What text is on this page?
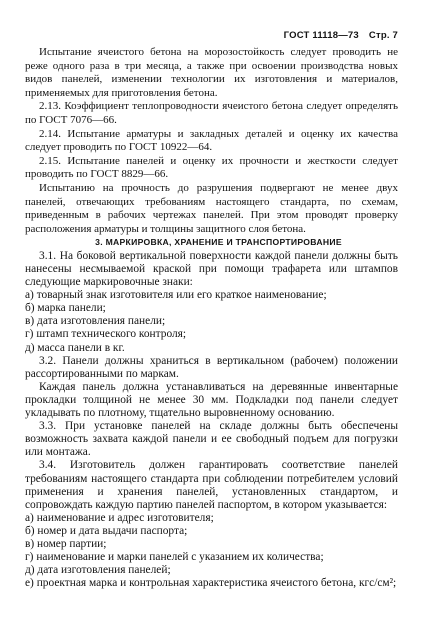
ГОСТ 11118—73 Стр. 7

Испытание ячеистого бетона на морозостойкость следует проводить не реже одного раза в три месяца, а также при освоении производства новых видов панелей, изменении технологии их изготовления и материалов, применяемых для приготовления бетона.

2.13. Коэффициент теплопроводности ячеистого бетона следует определять по ГОСТ 7076—66.

2.14. Испытание арматуры и закладных деталей и оценку их качества следует проводить по ГОСТ 10922—64.

2.15. Испытание панелей и оценку их прочности и жесткости следует проводить по ГОСТ 8829—66.

Испытанию на прочность до разрушения подвергают не менее двух панелей, отвечающих требованиям настоящего стандарта, по схемам, приведенным в рабочих чертежах панелей. При этом проводят проверку расположения арматуры и толщины защитного слоя бетона.

3. МАРКИРОВКА, ХРАНЕНИЕ И ТРАНСПОРТИРОВАНИЕ

3.1. На боковой вертикальной поверхности каждой панели должны быть нанесены несмываемой краской при помощи трафарета или штампов следующие маркировочные знаки:

а) товарный знак изготовителя или его краткое наименование;

б) марка панели;

в) дата изготовления панели;

г) штамп технического контроля;

д) масса панели в кг.

3.2. Панели должны храниться в вертикальном (рабочем) положении рассортированными по маркам.

Каждая панель должна устанавливаться на деревянные инвентарные прокладки толщиной не менее 30 мм. Подкладки под панели следует укладывать по плотному, тщательно выровненному основанию.

3.3. При установке панелей на складе должны быть обеспечены возможность захвата каждой панели и ее свободный подъем для погрузки или монтажа.

3.4. Изготовитель должен гарантировать соответствие панелей требованиям настоящего стандарта при соблюдении потребителем условий применения и хранения панелей, установленных стандартом, и сопровождать каждую партию панелей паспортом, в котором указывается:

а) наименование и адрес изготовителя;

б) номер и дата выдачи паспорта;

в) номер партии;

г) наименование и марки панелей с указанием их количества;

д) дата изготовления панелей;

е) проектная марка и контрольная характеристика ячеистого бетона, кгс/см²;
